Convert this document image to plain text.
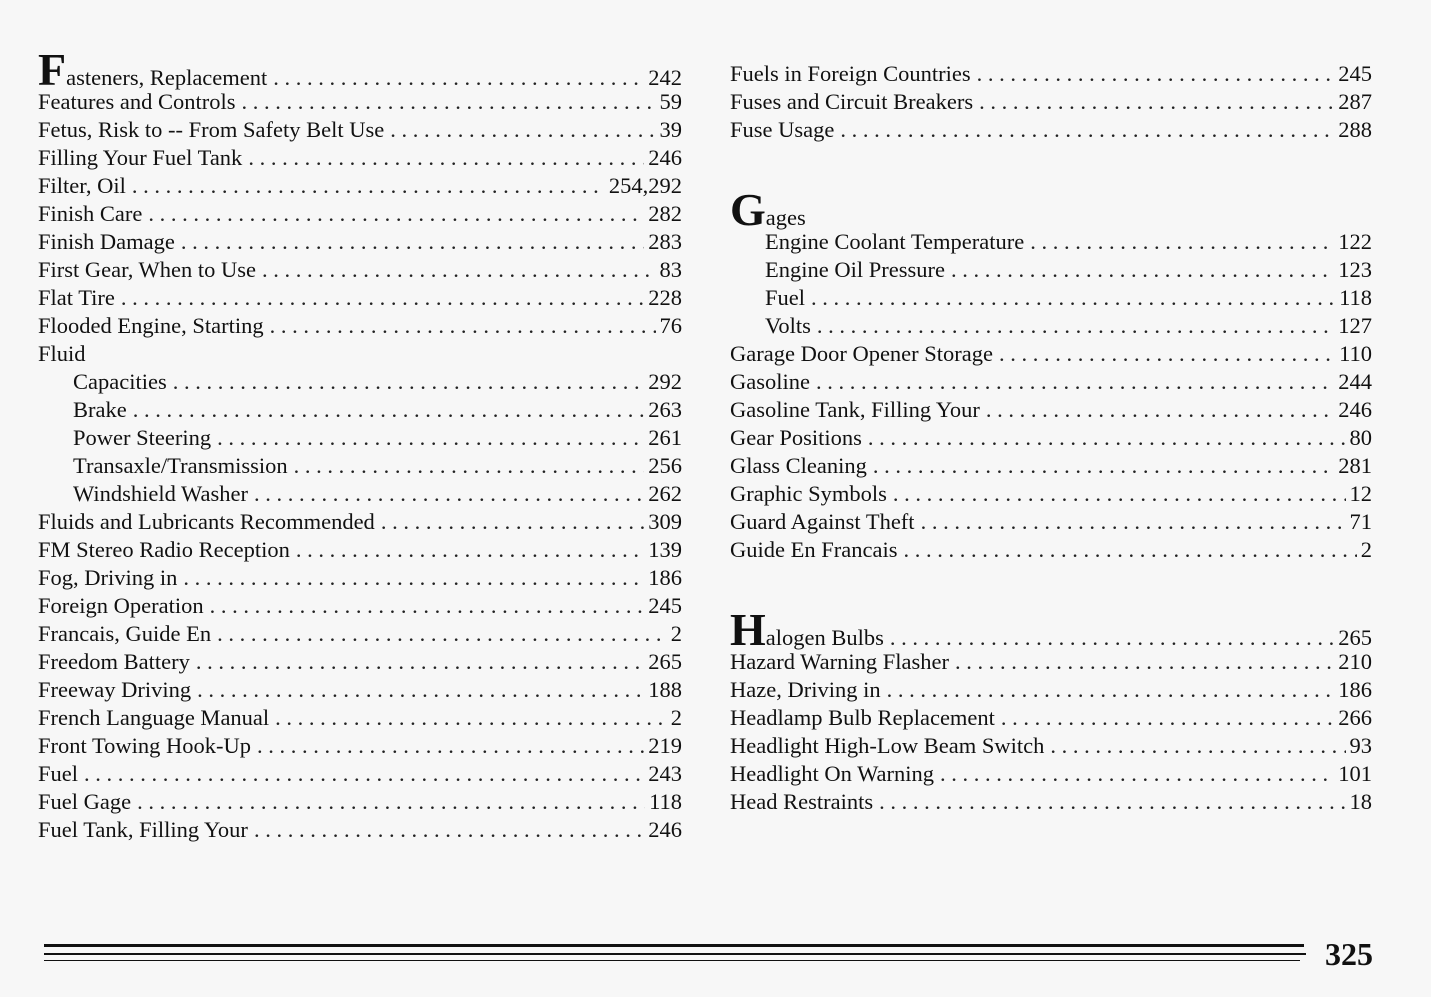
Fasteners, Replacement . . .	242
Features and Controls . . .	59
Fetus, Risk to -- From Safety Belt Use . . .	39
Filling Your Fuel Tank . . .	246
Filter, Oil . . .	254,292
Finish Care . . .	282
Finish Damage . . .	283
First Gear, When to Use . . .	83
Flat Tire . . .	228
Flooded Engine, Starting . . .	76
Fluid
Capacities . . .	292
Brake . . .	263
Power Steering . . .	261
Transaxle/Transmission . . .	256
Windshield Washer . . .	262
Fluids and Lubricants Recommended . . .	309
FM Stereo Radio Reception . . .	139
Fog, Driving in . . .	186
Foreign Operation . . .	245
Francais, Guide En . . .	2
Freedom Battery . . .	265
Freeway Driving . . .	188
French Language Manual . . .	2
Front Towing Hook-Up . . .	219
Fuel . . .	243
Fuel Gage . . .	118
Fuel Tank, Filling Your . . .	246
Fuels in Foreign Countries . . .	245
Fuses and Circuit Breakers . . .	287
Fuse Usage . . .	288
Gages
Engine Coolant Temperature . . .	122
Engine Oil Pressure . . .	123
Fuel . . .	118
Volts . . .	127
Garage Door Opener Storage . . .	110
Gasoline . . .	244
Gasoline Tank, Filling Your . . .	246
Gear Positions . . .	80
Glass Cleaning . . .	281
Graphic Symbols . . .	12
Guard Against Theft . . .	71
Guide En Francais . . .	2
Halogen Bulbs . . .	265
Hazard Warning Flasher . . .	210
Haze, Driving in . . .	186
Headlamp Bulb Replacement . . .	266
Headlight High-Low Beam Switch . . .	93
Headlight On Warning . . .	101
Head Restraints . . .	18
325
